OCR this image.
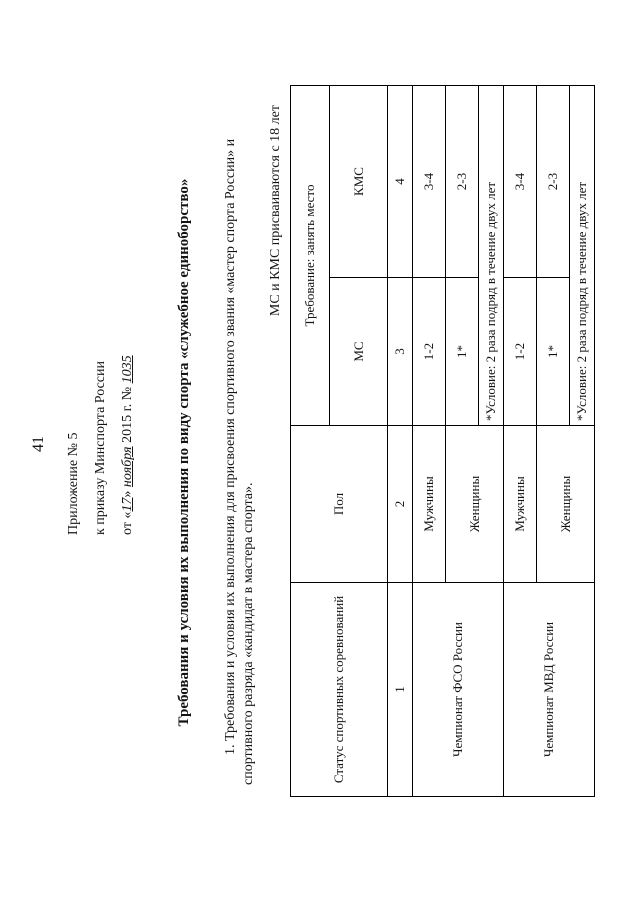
41	Приложение № 5 к приказу Минспорта России от «17» ноября 2015 г. № 1035	Требования и условия их выполнения по виду спорта «служебное единоборство» 1. Требования и условия их выполнения для присвоения спортивного звания «мастер спорта России» и спортивного разряда «кандидат в мастера спорта».
МС и КМС присваиваются с 18 лет
Статус спортивных соревнований	Пол	Требование: занять место	
		МС	КМС
1	2	3	4
Чемпионат ФСО России	Мужчины	1-2	3-4
	Женщины	1*	2-3
		*Условие: 2 раза подряд в течение двух лет	
Чемпионат МВД России	Мужчины	1-2	3-4
	Женщины	1*	2-3
		*Условие: 2 раза подряд в течение двух лет	
